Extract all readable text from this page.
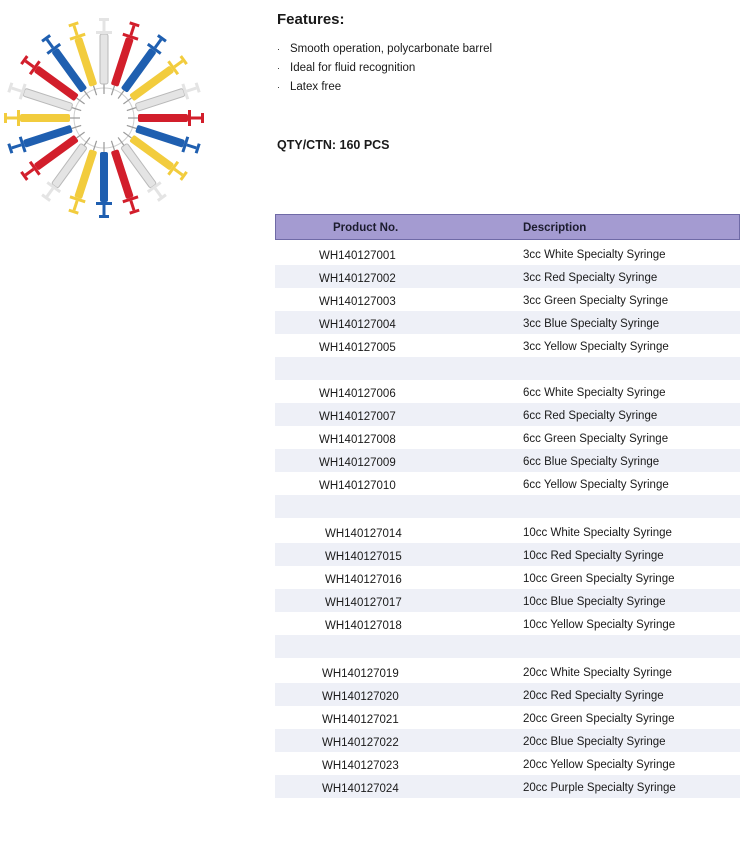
Features:
· Smooth operation, polycarbonate barrel
· Ideal for fluid recognition
· Latex free
QTY/CTN: 160 PCS
Product No.	Description
WH140127001	3cc White Specialty Syringe
WH140127002	3cc Red Specialty Syringe
WH140127003	3cc Green Specialty Syringe
WH140127004	3cc Blue Specialty Syringe
WH140127005	3cc Yellow Specialty Syringe
WH140127006	6cc White Specialty Syringe
WH140127007	6cc Red Specialty Syringe
WH140127008	6cc Green Specialty Syringe
WH140127009	6cc Blue Specialty Syringe
WH140127010	6cc Yellow Specialty Syringe
WH140127014	10cc White Specialty Syringe
WH140127015	10cc Red Specialty Syringe
WH140127016	10cc Green Specialty Syringe
WH140127017	10cc Blue Specialty Syringe
WH140127018	10cc Yellow Specialty Syringe
WH140127019	20cc White Specialty Syringe
WH140127020	20cc Red Specialty Syringe
WH140127021	20cc Green Specialty Syringe
WH140127022	20cc Blue Specialty Syringe
WH140127023	20cc Yellow Specialty Syringe
WH140127024	20cc Purple Specialty Syringe
